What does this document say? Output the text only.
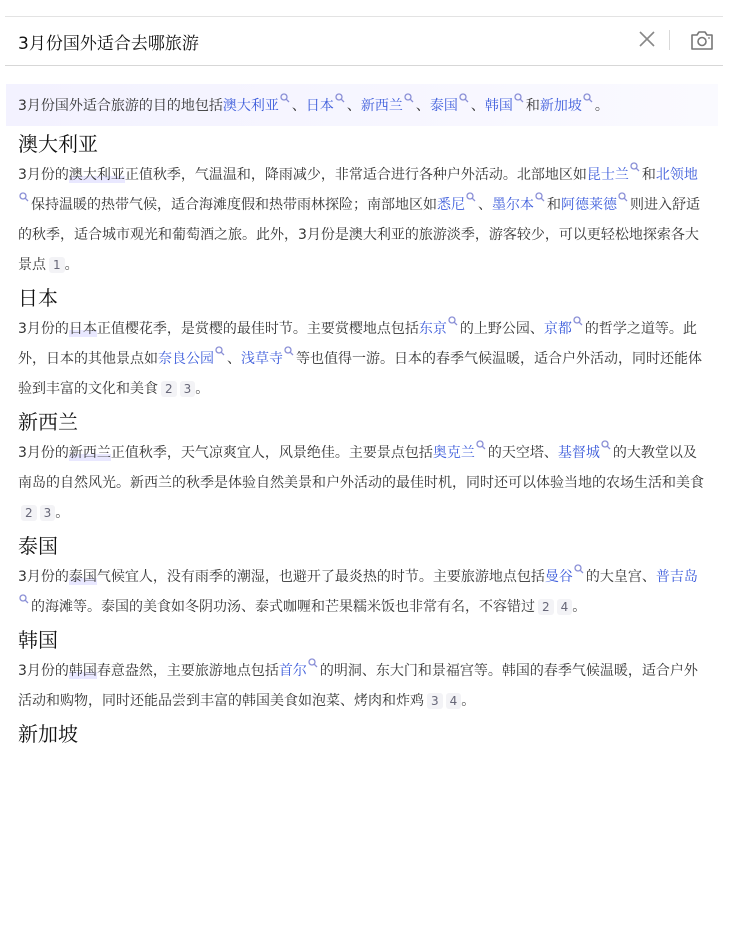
3月份国外适合去哪旅游
3月份国外适合旅游的目的地包括澳大利亚 、日本 、新西兰 、泰国 、韩国 和新加坡 。
澳大利亚

3月份的澳大利亚正值秋季，气温温和，降雨减少，非常适合进行各种户外活动。北部地区如昆士兰 和北领地保持温暖的热带气候，适合海滩度假和热带雨林探险；南部地区如悉尼 、墨尔本 和阿德莱德 则进入舒适的秋季，适合城市观光和葡萄酒之旅。此外，3月份是澳大利亚的旅游淡季，游客较少，可以更轻松地探索各大景点 1 。

日本

3月份的日本正值樱花季，是赏樱的最佳时节。主要赏樱地点包括东京 的上野公园、京都 的哲学之道等。此外，日本的其他景点如奈良公园 、浅草寺 等也值得一游。日本的春季气候温暖，适合户外活动，同时还能体验到丰富的文化和美食 2 3 。

新西兰

3月份的新西兰正值秋季，天气凉爽宜人，风景绝佳。主要景点包括奥克兰 的天空塔、基督城 的大教堂以及南岛的自然风光。新西兰的秋季是体验自然美景和户外活动的最佳时机，同时还可以体验当地的农场生活和美食2 3 。

泰国

3月份的泰国气候宜人，没有雨季的潮湿，也避开了最炎热的时节。主要旅游地点包括曼谷 的大皇宫、普吉岛的海滩等。泰国的美食如冬阴功汤、泰式咖喱和芒果糯米饭也非常有名，不容错过 2 4 。

韩国

3月份的韩国春意盎然，主要旅游地点包括首尔 的明洞、东大门和景福宫等。韩国的春季气候温暖，适合户外活动和购物，同时还能品尝到丰富的韩国美食如泡菜、烤肉和炸鸡 3 4 。

新加坡
